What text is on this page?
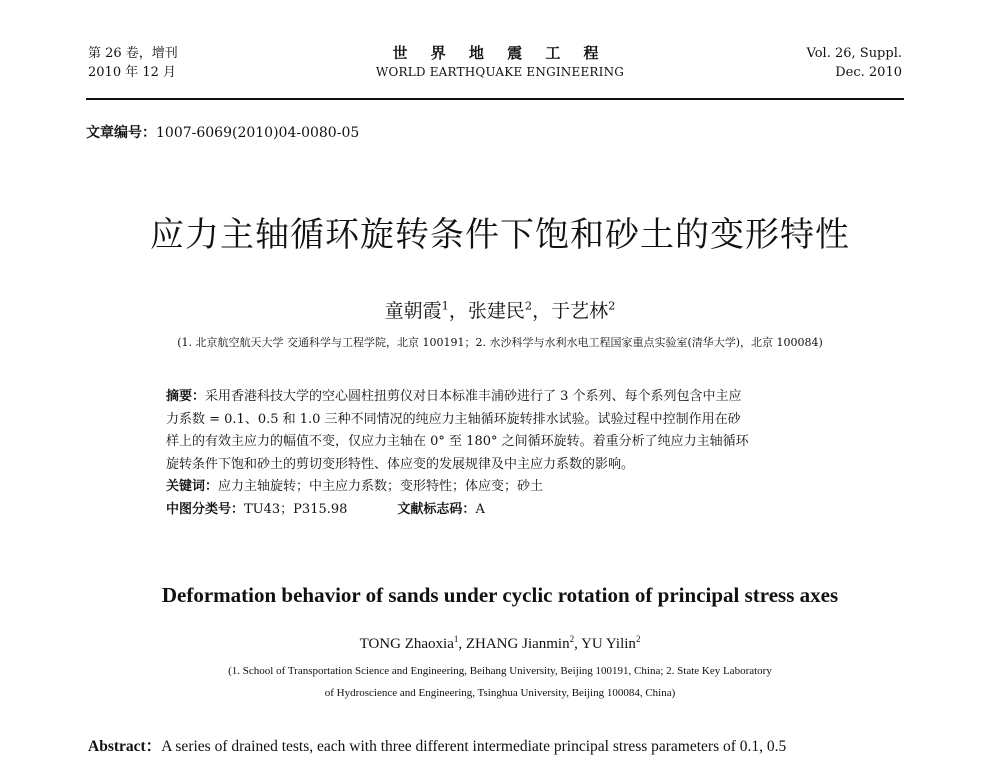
第 26 卷，增刊
2010 年 12 月
世 界 地 震 工 程
WORLD EARTHQUAKE ENGINEERING
Vol. 26, Suppl.
Dec. 2010
文章编号：1007-6069(2010)04-0080-05
应力主轴循环旋转条件下饱和砂土的变形特性
童朝霞$^1$，张建民$^2$，于艺林$^2$
(1. 北京航空航天大学 交通科学与工程学院，北京 100191；2. 水沙科学与水利水电工程国家重点实验室(清华大学)，北京 100084)
摘要：采用香港科技大学的空心圆柱扭剪仪对日本标准丰浦砂进行了 3 个系列、每个系列包含中主应
力系数 = 0.1、0.5 和 1.0 三种不同情况的纯应力主轴循环旋转排水试验。试验过程中控制作用在砂
样上的有效主应力的幅值不变，仅应力主轴在 0° 至 180° 之间循环旋转。着重分析了纯应力主轴循环
旋转条件下饱和砂土的剪切变形特性、体应变的发展规律及中主应力系数的影响。
关键词：应力主轴旋转；中主应力系数；变形特性；体应变；砂土
中图分类号：TU43；P315.98	文献标志码：A
Deformation behavior of sands under cyclic rotation of principal stress axes
TONG Zhaoxia$^1$, ZHANG Jianmin$^2$, YU Yilin$^2$
(1. School of Transportation Science and Engineering, Beihang University, Beijing 100191, China; 2. State Key Laboratory
of Hydroscience and Engineering, Tsinghua University, Beijing 100084, China)
Abstract：A series of drained tests, each with three different intermediate principal stress parameters of 0.1, 0.5
